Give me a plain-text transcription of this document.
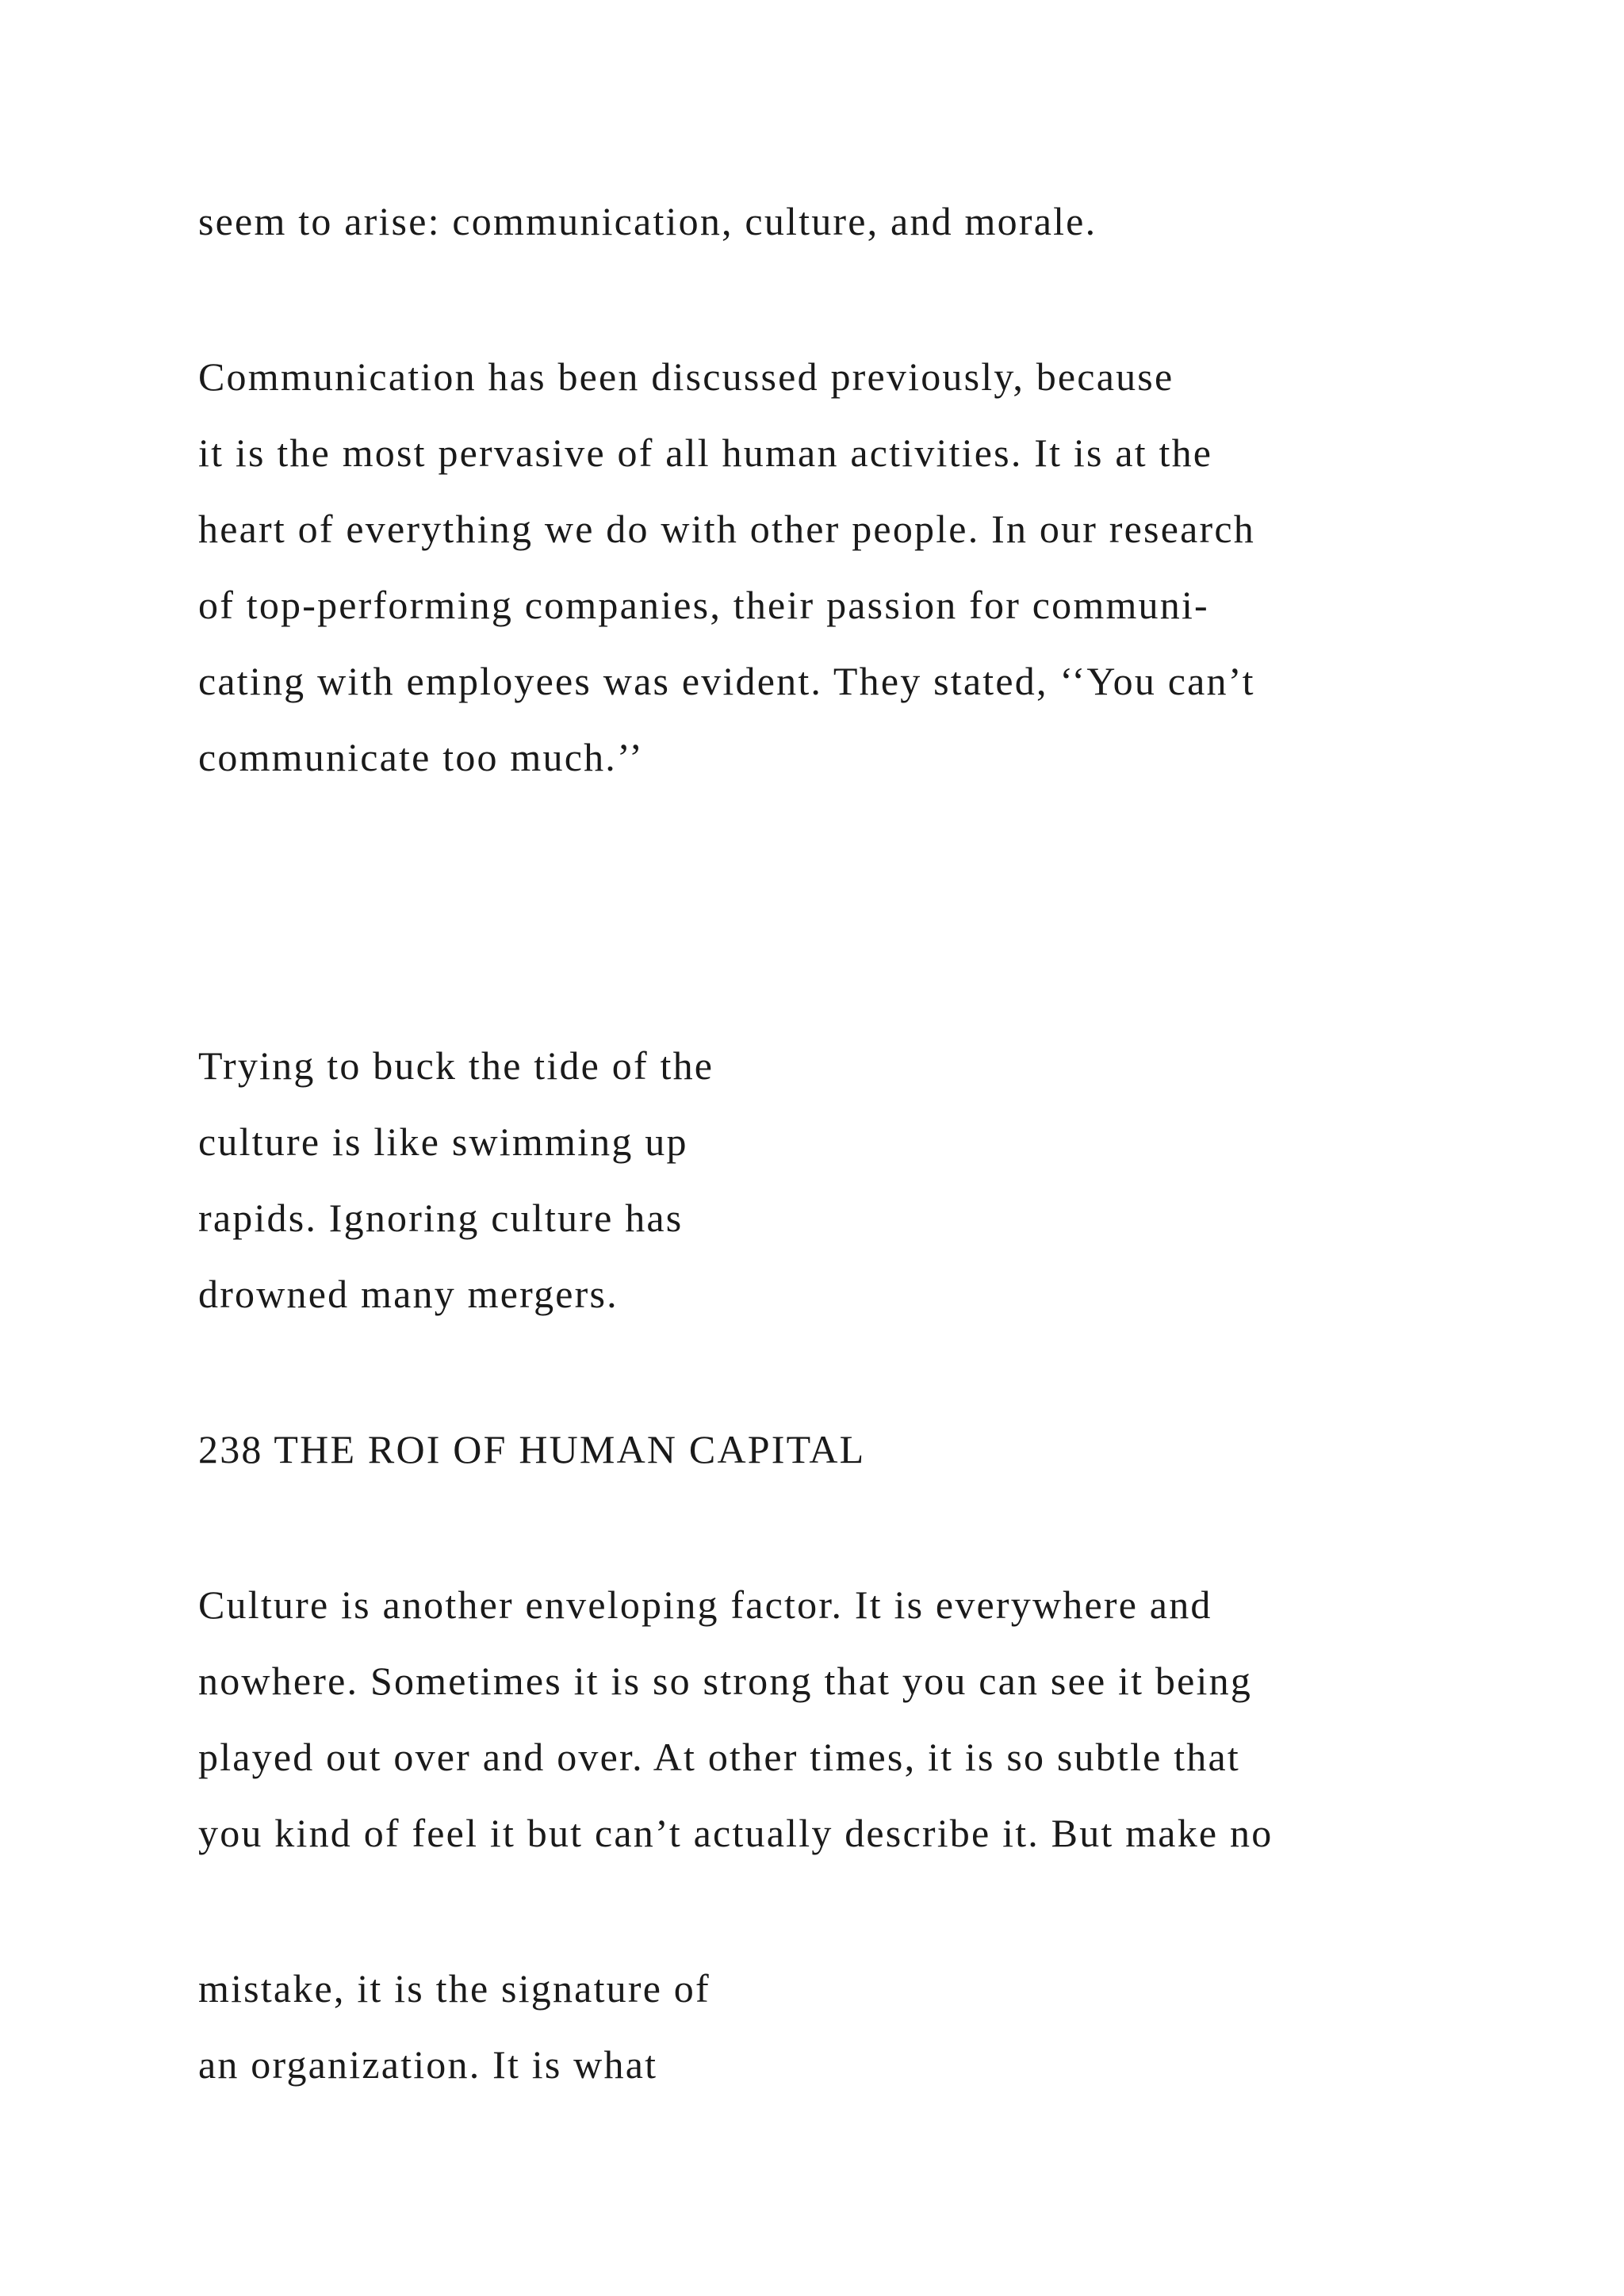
seem to arise: communication, culture, and morale.

Communication has been discussed previously, because

it is the most pervasive of all human activities. It is at the

heart of everything we do with other people. In our research

of top-performing companies, their passion for communi-

cating with employees was evident. They stated, ‘‘You can’t

communicate too much.’’

Trying to buck the tide of the

culture is like swimming up

rapids. Ignoring culture has

drowned many mergers.

238 THE ROI OF HUMAN CAPITAL

Culture is another enveloping factor. It is everywhere and

nowhere. Sometimes it is so strong that you can see it being

played out over and over. At other times, it is so subtle that

you kind of feel it but can’t actually describe it. But make no

mistake, it is the signature of

an organization. It is what
